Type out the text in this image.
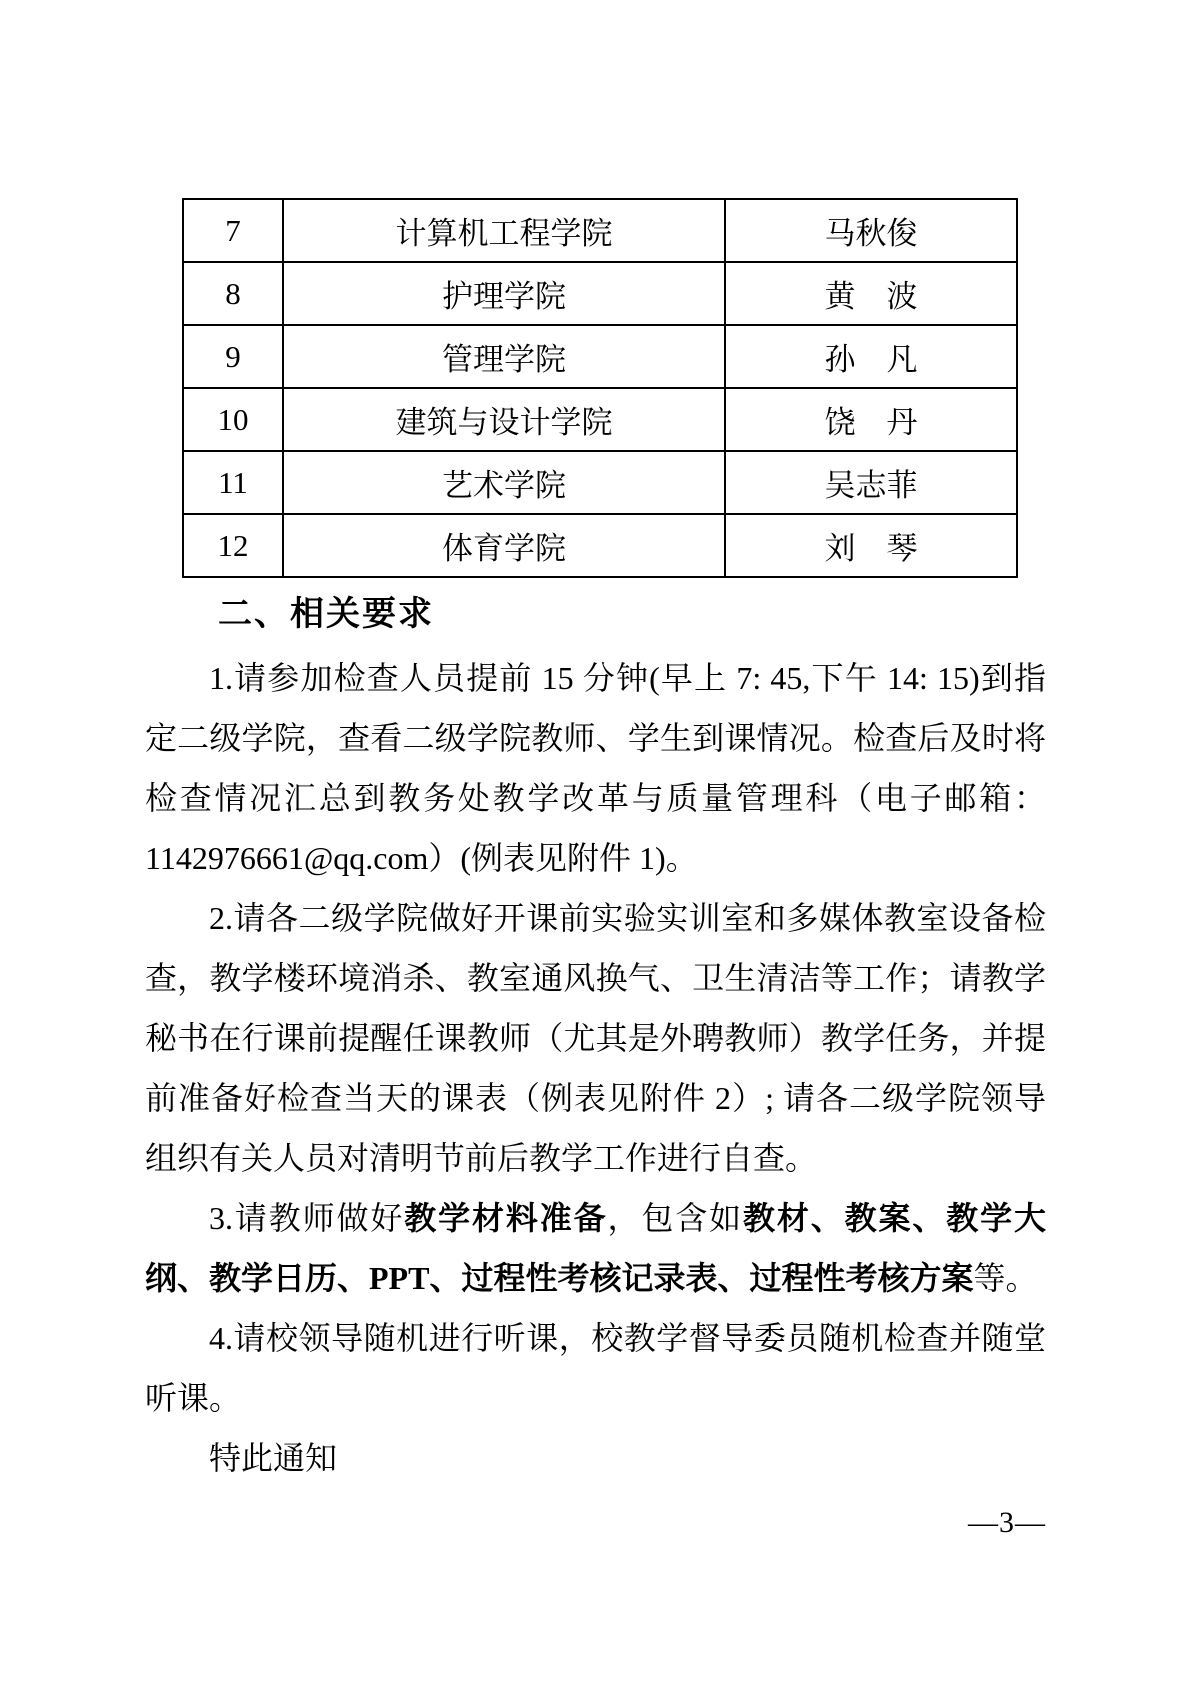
7	计算机工程学院	马秋俊
8	护理学院	黄　波
9	管理学院	孙　凡
10	建筑与设计学院	饶　丹
11	艺术学院	吴志菲
12	体育学院	刘　琴
二、相关要求

1.请参加检查人员提前 15 分钟(早上 7: 45,下午 14: 15)到指定二级学院，查看二级学院教师、学生到课情况。检查后及时将检查情况汇总到教务处教学改革与质量管理科（电子邮箱：1142976661@qq.com）(例表见附件 1)。

2.请各二级学院做好开课前实验实训室和多媒体教室设备检查，教学楼环境消杀、教室通风换气、卫生清洁等工作；请教学秘书在行课前提醒任课教师（尤其是外聘教师）教学任务，并提前准备好检查当天的课表（例表见附件 2）; 请各二级学院领导组织有关人员对清明节前后教学工作进行自查。

3.请教师做好教学材料准备，包含如教材、教案、教学大纲、教学日历、PPT、过程性考核记录表、过程性考核方案等。

4.请校领导随机进行听课，校教学督导委员随机检查并随堂听课。

特此通知

—3—
